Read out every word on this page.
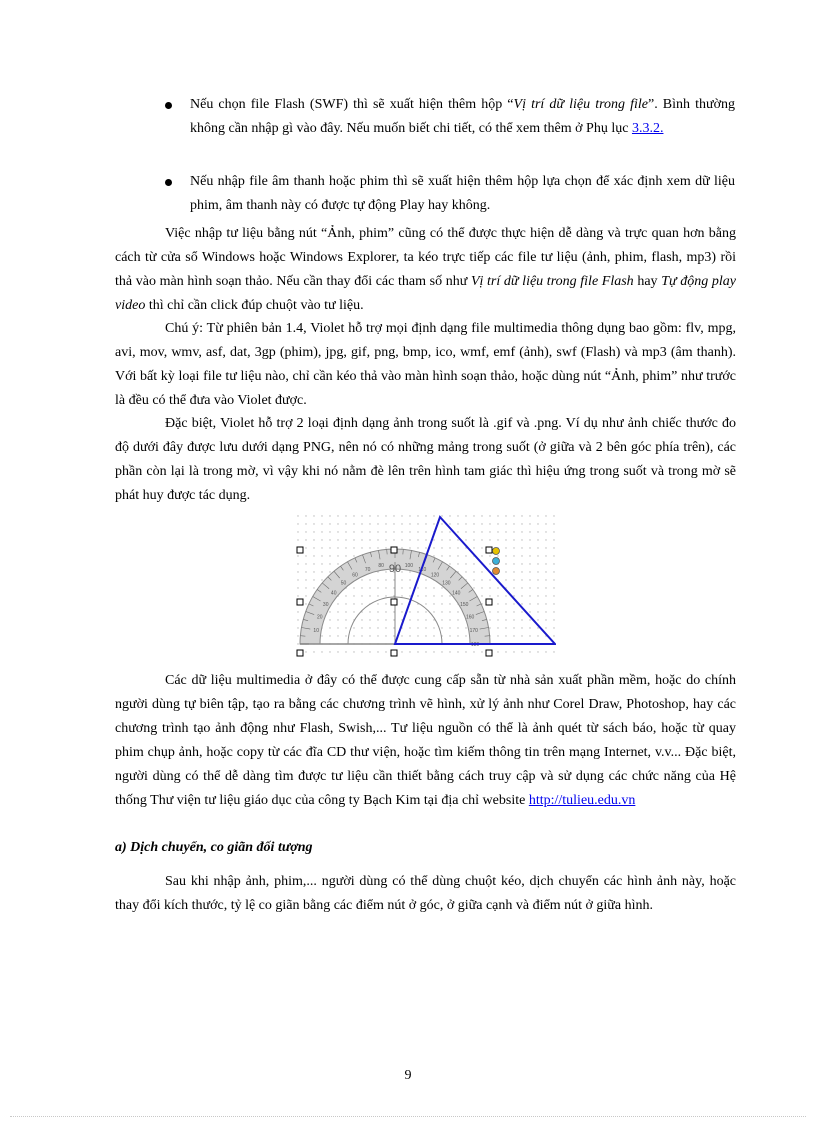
Nếu chọn file Flash (SWF) thì sẽ xuất hiện thêm hộp “Vị trí dữ liệu trong file”. Bình thường không cần nhập gì vào đây. Nếu muốn biết chi tiết, có thể xem thêm ở Phụ lục 3.3.2.
Nếu nhập file âm thanh hoặc phim thì sẽ xuất hiện thêm hộp lựa chọn để xác định xem dữ liệu phim, âm thanh này có được tự động Play hay không.

Việc nhập tư liệu bằng nút “Ảnh, phim” cũng có thể được thực hiện dễ dàng và trực quan hơn bằng cách từ cửa sổ Windows hoặc Windows Explorer, ta kéo trực tiếp các file tư liệu (ảnh, phim, flash, mp3) rồi thả vào màn hình soạn thảo. Nếu cần thay đổi các tham số như Vị trí dữ liệu trong file Flash hay Tự động play video thì chỉ cần click đúp chuột vào tư liệu.

Chú ý: Từ phiên bản 1.4, Violet hỗ trợ mọi định dạng file multimedia thông dụng bao gồm: flv, mpg, avi, mov, wmv, asf, dat, 3gp (phim), jpg, gif, png, bmp, ico, wmf, emf (ảnh), swf (Flash) và mp3 (âm thanh). Với bất kỳ loại file tư liệu nào, chỉ cần kéo thả vào màn hình soạn thảo, hoặc dùng nút “Ảnh, phim” như trước là đều có thể đưa vào Violet được.

Đặc biệt, Violet hỗ trợ 2 loại định dạng ảnh trong suốt là .gif và .png. Ví dụ như ảnh chiếc thước đo độ dưới đây được lưu dưới dạng PNG, nên nó có những mảng trong suốt (ở giữa và 2 bên góc phía trên), các phần còn lại là trong mờ, vì vậy khi nó nằm đè lên trên hình tam giác thì hiệu ứng trong suốt và trong mờ sẽ phát huy được tác dụng.

10
20
30
40
50
60
70
80	100
110
120
130
140
150
160
170
180
90

Các dữ liệu multimedia ở đây có thể được cung cấp sẵn từ nhà sản xuất phần mềm, hoặc do chính người dùng tự biên tập, tạo ra bằng các chương trình vẽ hình, xử lý ảnh như Corel Draw, Photoshop, hay các chương trình tạo ảnh động như Flash, Swish,... Tư liệu nguồn có thể là ảnh quét từ sách báo, hoặc từ quay phim chụp ảnh, hoặc copy từ các đĩa CD thư viện, hoặc tìm kiếm thông tin trên mạng Internet, v.v... Đặc biệt, người dùng có thể dễ dàng tìm được tư liệu cần thiết bằng cách truy cập và sử dụng các chức năng của Hệ thống Thư viện tư liệu giáo dục của công ty Bạch Kim tại địa chỉ website http://tulieu.edu.vn

a) Dịch chuyển, co giãn đối tượng

Sau khi nhập ảnh, phim,... người dùng có thể dùng chuột kéo, dịch chuyển các hình ảnh này, hoặc thay đổi kích thước, tỷ lệ co giãn bằng các điểm nút ở góc, ở giữa cạnh và điểm nút ở giữa hình.

9
